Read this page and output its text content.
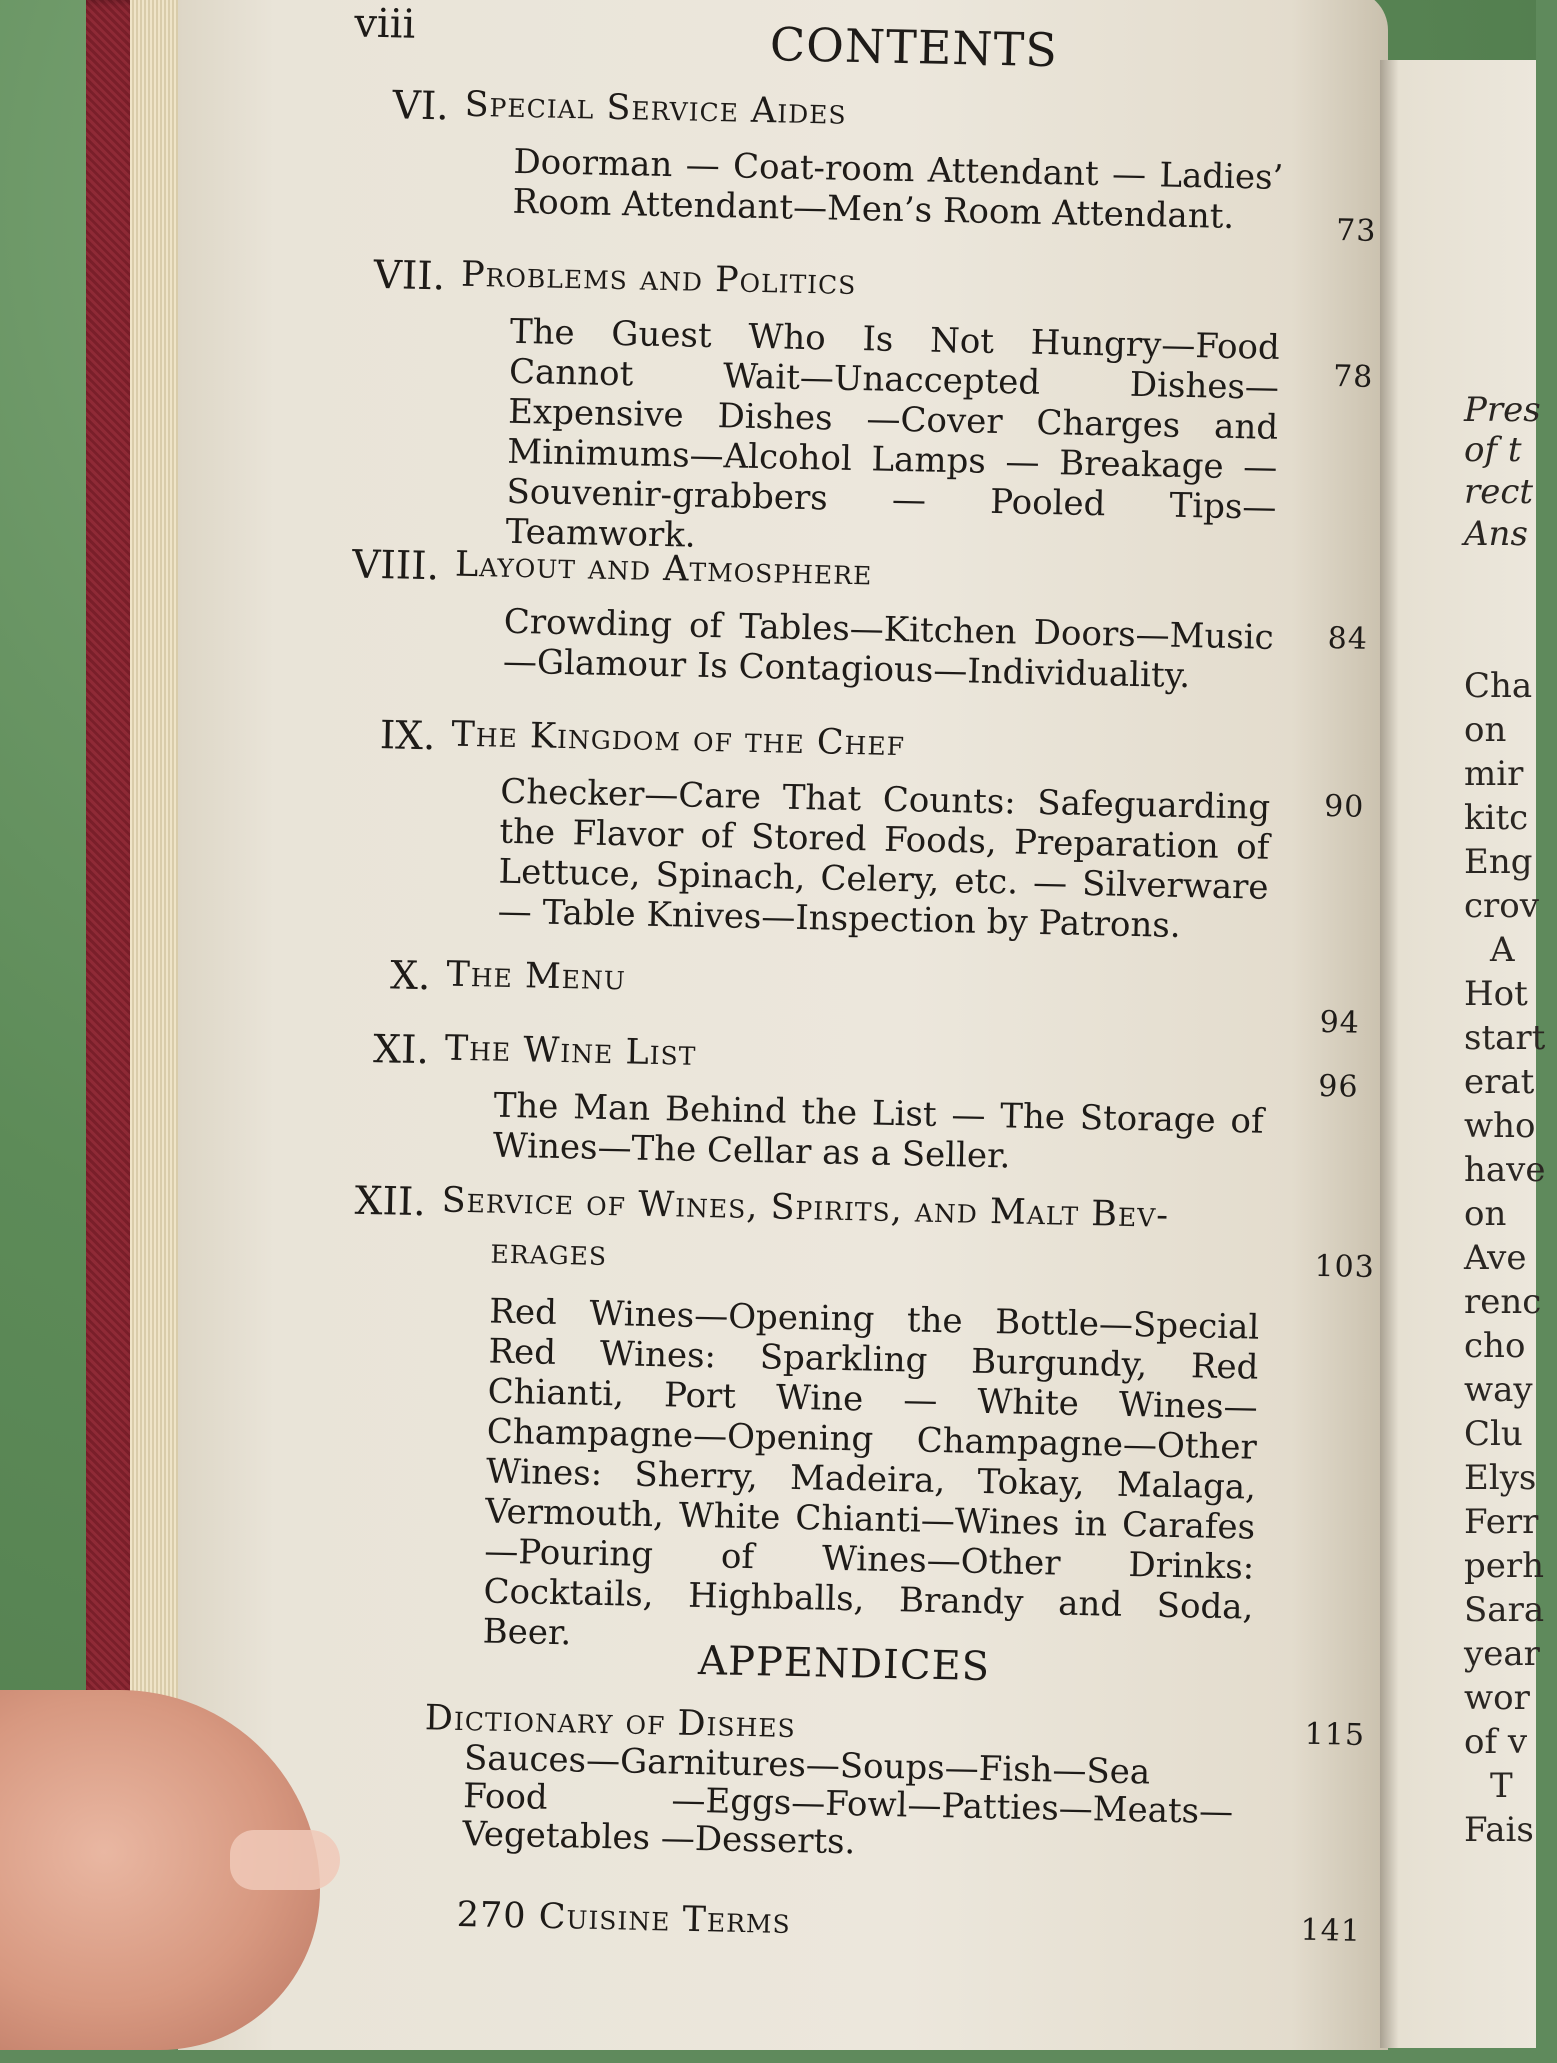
Pres
of t
rect
Ans
Cha
on
mir
kitc
Eng
crov
A
Hot
start
erat
who
have
on
Ave
renc
cho
way
Clu
Elys
Ferr
perh
Sara
year
wor
of v
T
Fais
viii	CONTENTS
VI. Special Service Aides
Doorman — Coat-room Attendant — Ladies’ Room Attendant—Men’s Room Attendant.	73
VII. Problems and Politics
The Guest Who Is Not Hungry—Food Cannot Wait—Unaccepted Dishes—Expensive Dishes —Cover Charges and Minimums—Alcohol Lamps — Breakage — Souvenir-grabbers — Pooled Tips—Teamwork.
78
VIII. Layout and Atmosphere
Crowding of Tables—Kitchen Doors—Music—Glamour Is Contagious—Individuality.
84
IX. The Kingdom of the Chef
Checker—Care That Counts: Safeguarding the Flavor of Stored Foods, Preparation of Lettuce, Spinach, Celery, etc. — Silverware — Table Knives—Inspection by Patrons.
90
X. The Menu
94
XI. The Wine List
The Man Behind the List — The Storage of Wines—The Cellar as a Seller.
96
XII. Service of Wines, Spirits, and Malt Bev-
erages
Red Wines—Opening the Bottle—Special Red Wines: Sparkling Burgundy, Red Chianti, Port Wine — White Wines—Champagne—Opening Champagne—Other Wines: Sherry, Madeira, Tokay, Malaga, Vermouth, White Chianti—Wines in Carafes—Pouring of Wines—Other Drinks: Cocktails, Highballs, Brandy and Soda, Beer.
103
APPENDICES
Dictionary of Dishes
Sauces—Garnitures—Soups—Fish—Sea Food —Eggs—Fowl—Patties—Meats—Vegetables —Desserts.
115
270 Cuisine Terms	141
